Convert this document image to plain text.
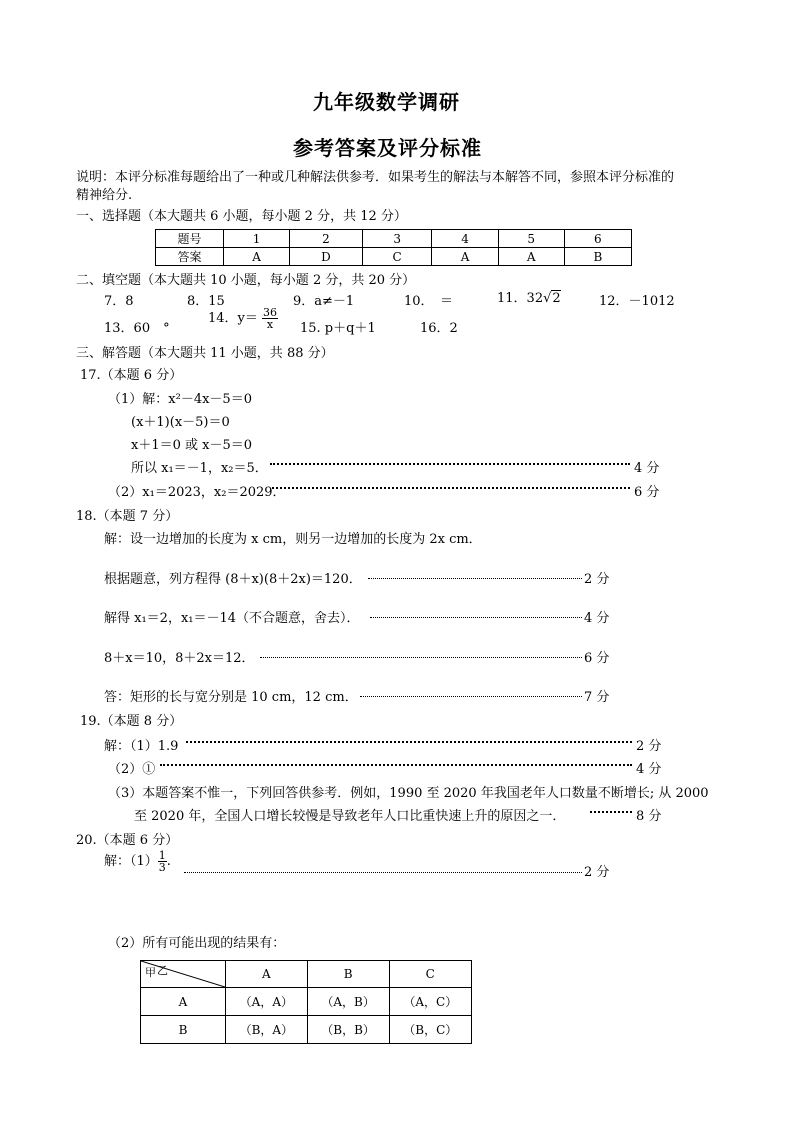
九年级数学调研
参考答案及评分标准
说明：本评分标准每题给出了一种或几种解法供参考．如果考生的解法与本解答不同，参照本评分标准的
精神给分.
一、选择题（本大题共 6 小题，每小题 2 分，共 12 分）
题号	1	2	3	4	5	6
答案	A	D	C	A	A	B
二、填空题（本大题共 10 小题，每小题 2 分，共 20 分）
7．8	8．15	9．a≠－1	10．　＝	11．32√2	12．－1012
13．60　°
14．$y= \frac{36}{x} 15$. p＋q＋1	16．2
三、解答题（本大题共 11 小题，共 88 分）
17.（本题 6 分）
（1）解：x²－4x－5＝0
(x＋1)(x－5)＝0
x＋1＝0 或 x－5＝0
所以 x₁＝－1，x₂＝5．	4 分
（2）x₁＝2023，x₂＝2029．	6 分
18.（本题 7 分）
解：设一边增加的长度为 x cm，则另一边增加的长度为 2x cm．
根据题意，列方程得 (8＋x)(8＋2x)＝120．	2 分
解得 x₁＝2，x₁＝－14（不合题意，舍去）．	4 分
8＋x＝10，8＋2x＝12．	6 分
答：矩形的长与宽分别是 10 cm，12 cm．	7 分
19.（本题 8 分）
解：（1）1.9	2 分
（2）①	4 分
（3）本题答案不惟一，下列回答供参考．例如，1990 至 2020 年我国老年人口数量不断增长; 从 2000
至 2020 年，全国人口增长较慢是导致老年人口比重快速上升的原因之一．	8 分
20.（本题 6 分）
解：$(1) \frac{1}{3}$ .
2 分
（2）所有可能出现的结果有：
甲 乙	A	B	C
A	（A，A）	（A，B）	（A，C）
B	（B，A）	（B，B）	（B，C）
